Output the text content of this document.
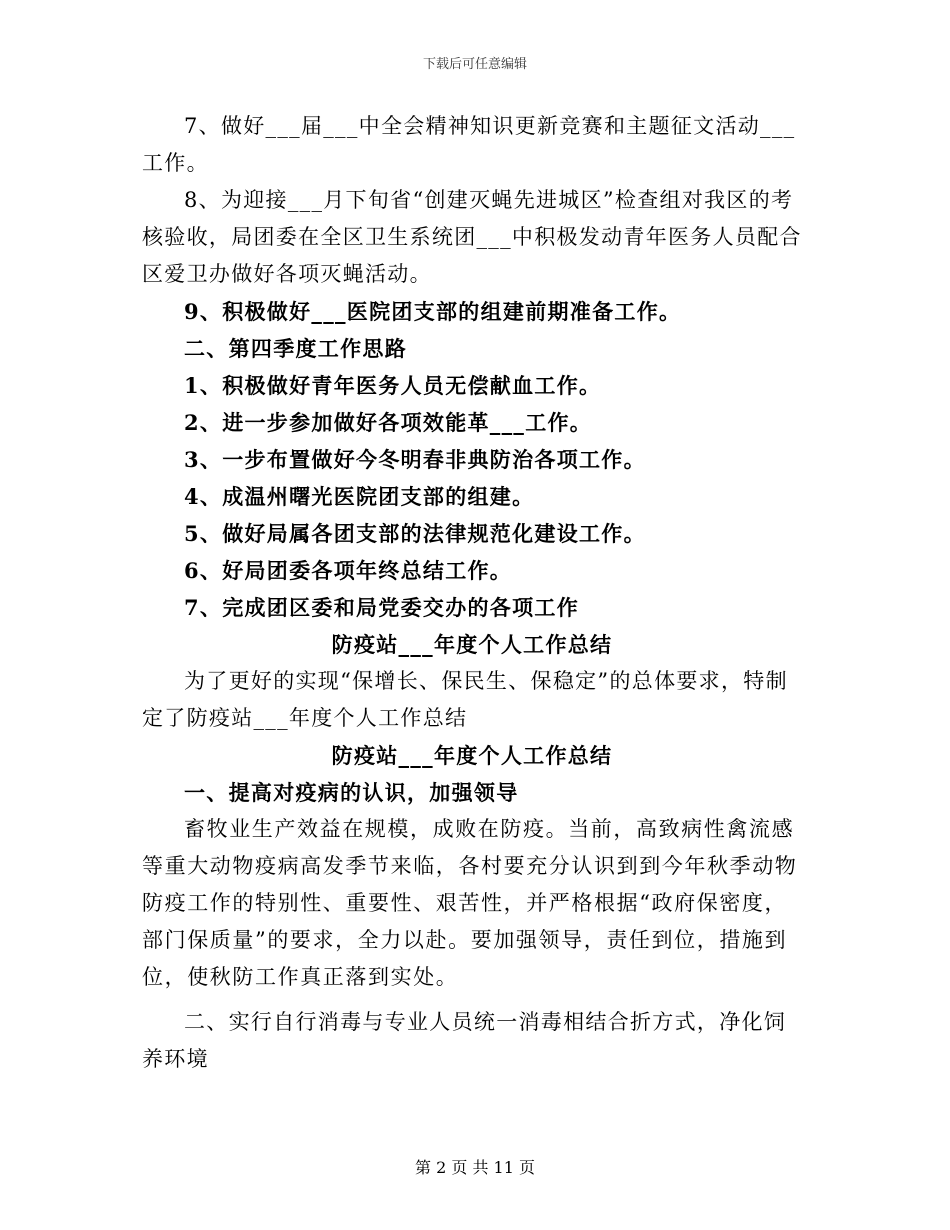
下载后可任意编辑

7、做好___届___中全会精神知识更新竞赛和主题征文活动___工作。

8、为迎接___月下旬省“创建灭蝇先进城区”检查组对我区的考核验收，局团委在全区卫生系统团___中积极发动青年医务人员配合区爱卫办做好各项灭蝇活动。

9、积极做好___医院团支部的组建前期准备工作。

二、第四季度工作思路

1、积极做好青年医务人员无偿献血工作。

2、进一步参加做好各项效能革___工作。

3、一步布置做好今冬明春非典防治各项工作。

4、成温州曙光医院团支部的组建。

5、做好局属各团支部的法律规范化建设工作。

6、好局团委各项年终总结工作。

7、完成团区委和局党委交办的各项工作

防疫站___年度个人工作总结

为了更好的实现“保增长、保民生、保稳定”的总体要求，特制定了防疫站___年度个人工作总结

防疫站___年度个人工作总结

一、提高对疫病的认识，加强领导

畜牧业生产效益在规模，成败在防疫。当前，高致病性禽流感等重大动物疫病高发季节来临，各村要充分认识到到今年秋季动物防疫工作的特别性、重要性、艰苦性，并严格根据“政府保密度，部门保质量”的要求，全力以赴。要加强领导，责任到位，措施到位，使秋防工作真正落到实处。

二、实行自行消毒与专业人员统一消毒相结合折方式，净化饲养环境

第 2 页 共 11 页
